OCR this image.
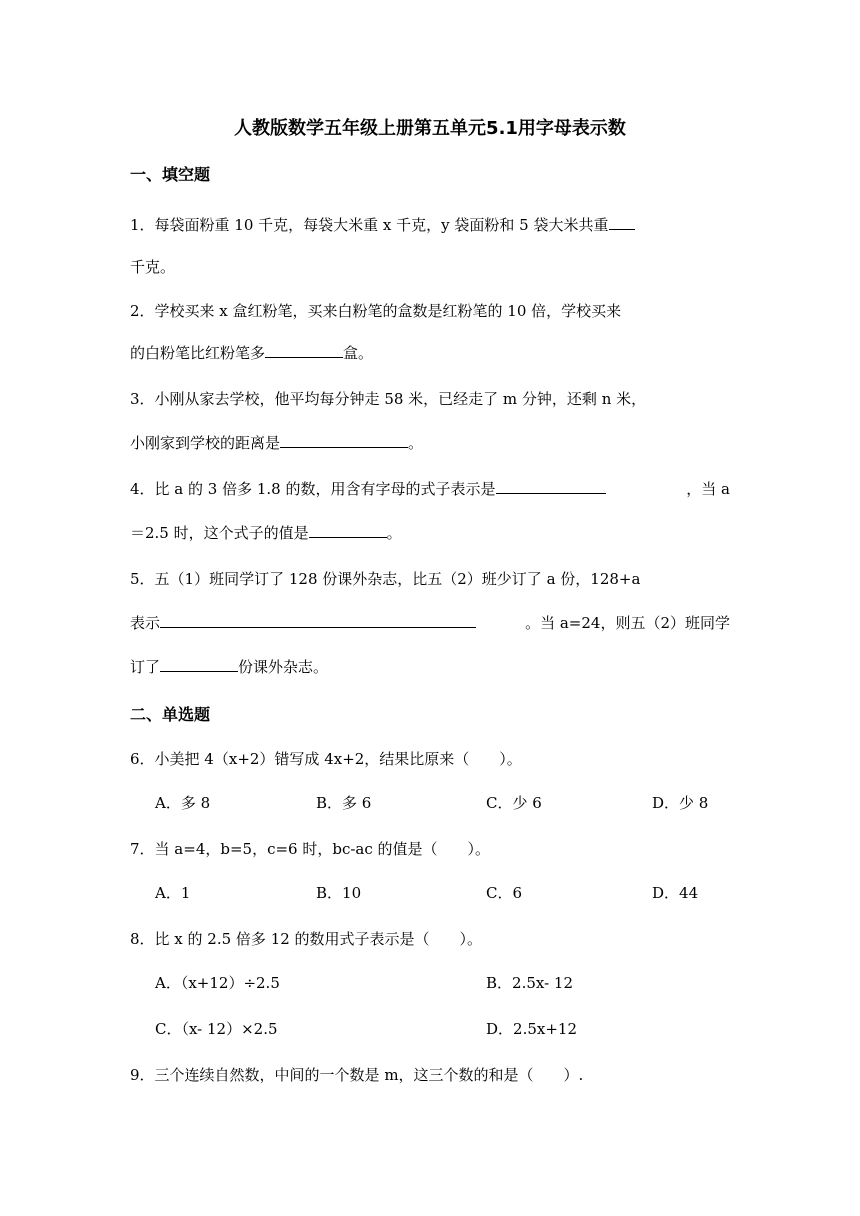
人教版数学五年级上册第五单元5.1用字母表示数
一、填空题
1．每袋面粉重 10 千克，每袋大米重 x 千克，y 袋面粉和 5 袋大米共重
千克。
2．学校买来 x 盒红粉笔，买来白粉笔的盒数是红粉笔的 10 倍，学校买来
的白粉笔比红粉笔多	盒。
3．小刚从家去学校，他平均每分钟走 58 米，已经走了 m 分钟，还剩 n 米，
小刚家到学校的距离是	。
4．比 a 的 3 倍多 1.8 的数，用含有字母的式子表示是	，当 a
＝2.5 时，这个式子的值是	。
5．五（1）班同学订了 128 份课外杂志，比五（2）班少订了 a 份，128+a
表示	。当 a=24，则五（2）班同学
订了	份课外杂志。
二、单选题
6．小美把 4（x+2）错写成 4x+2，结果比原来（　　）。
A．多 8	B．多 6	C．少 6	D．少 8
7．当 a=4，b=5，c=6 时，bc-ac 的值是（　　）。
A．1	B．10	C．6	D．44
8．比 x 的 2.5 倍多 12 的数用式子表示是（　　）。
A．（x+12）÷2.5	B．2.5x- 12
C．（x- 12）×2.5	D．2.5x+12
9．三个连续自然数，中间的一个数是 m，这三个数的和是（　　）.
